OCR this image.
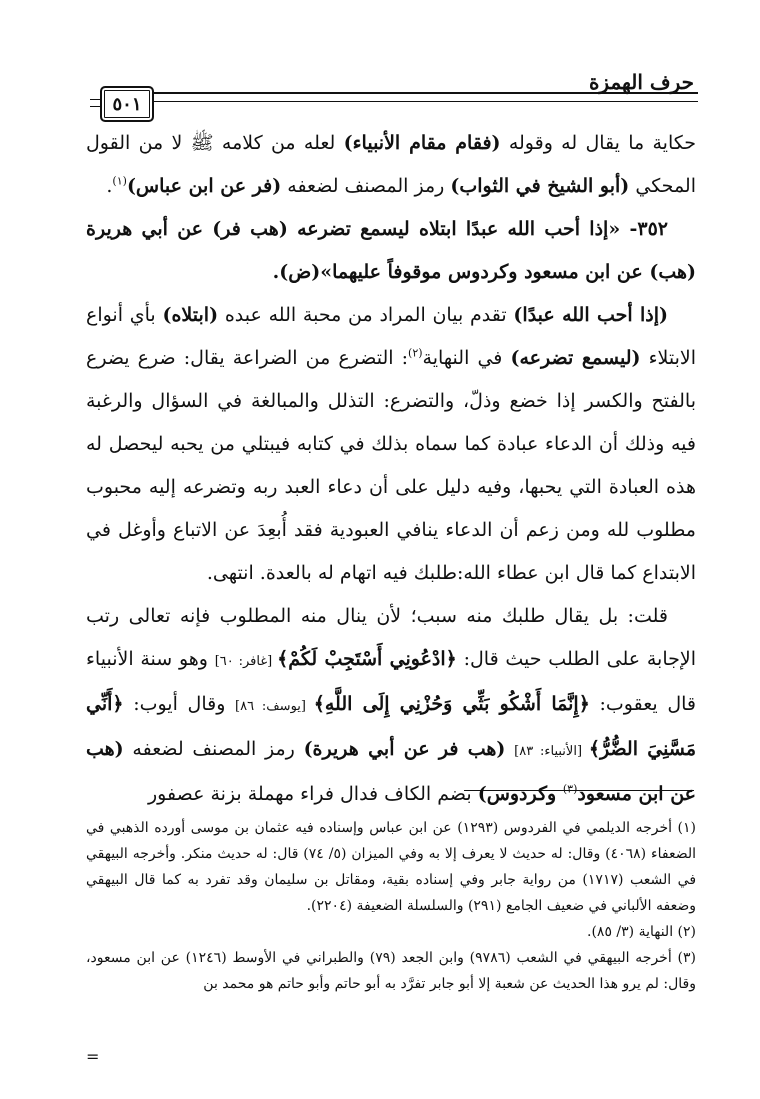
حرف الهمزة
٥٠١

حكاية ما يقال له وقوله (فقام مقام الأنبياء) لعله من كلامه ﷺ لا من القول المحكي (أبو الشيخ في الثواب) رمز المصنف لضعفه (فر عن ابن عباس)$^{(١)}$.

٣٥٢- «إذا أحب الله عبدًا ابتلاه ليسمع تضرعه (هب فر) عن أبي هريرة (هب) عن ابن مسعود وكردوس موقوفاً عليهما»(ض).

(إذا أحب الله عبدًا) تقدم بيان المراد من محبة الله عبده (ابتلاه) بأي أنواع الابتلاء (ليسمع تضرعه) في النهاية$^{(٢)}$: التضرع من الضراعة يقال: ضرع يضرع بالفتح والكسر إذا خضع وذلّ، والتضرع: التذلل والمبالغة في السؤال والرغبة فيه وذلك أن الدعاء عبادة كما سماه بذلك في كتابه فيبتلي من يحبه ليحصل له هذه العبادة التي يحبها، وفيه دليل على أن دعاء العبد ربه وتضرعه إليه محبوب مطلوب لله ومن زعم أن الدعاء ينافي العبودية فقد أُبعِدَ عن الاتباع وأوغل في الابتداع كما قال ابن عطاء الله:طلبك فيه اتهام له بالعدة. انتهى.

قلت: بل يقال طلبك منه سبب؛ لأن ينال منه المطلوب فإنه تعالى رتب الإجابة على الطلب حيث قال: ﴿ادْعُونِي أَسْتَجِبْ لَكُمْ﴾ [غافر: ٦٠] وهو سنة الأنبياء قال يعقوب: ﴿إِنَّمَا أَشْكُو بَثِّي وَحُزْنِي إِلَى اللَّهِ﴾ [يوسف: ٨٦] وقال أيوب: ﴿أَنِّي مَسَّنِيَ الضُّرُّ﴾ [الأنبياء: ٨٣] (هب فر عن أبي هريرة) رمز المصنف لضعفه (هب عن ابن مسعود$^{(٣)}$ وكردوس) بضم الكاف فدال فراء مهملة بزنة عصفور

(١) أخرجه الديلمي في الفردوس (١٢٩٣) عن ابن عباس وإسناده فيه عثمان بن موسى أورده الذهبي في الضعفاء (٤٠٦٨) وقال: له حديث لا يعرف إلا به وفي الميزان (٥/ ٧٤) قال: له حديث منكر. وأخرجه البيهقي في الشعب (١٧١٧) من رواية جابر وفي إسناده بقية، ومقاتل بن سليمان وقد تفرد به كما قال البيهقي وضعفه الألباني في ضعيف الجامع (٢٩١) والسلسلة الضعيفة (٢٢٠٤).

(٢) النهاية (٣/ ٨٥).

(٣) أخرجه البيهقي في الشعب (٩٧٨٦) وابن الجعد (٧٩) والطبراني في الأوسط (١٢٤٦) عن ابن مسعود، وقال: لم يرو هذا الحديث عن شعبة إلا أبو جابر تفرَّد به أبو حاتم وأبو حاتم هو محمد بن

=
